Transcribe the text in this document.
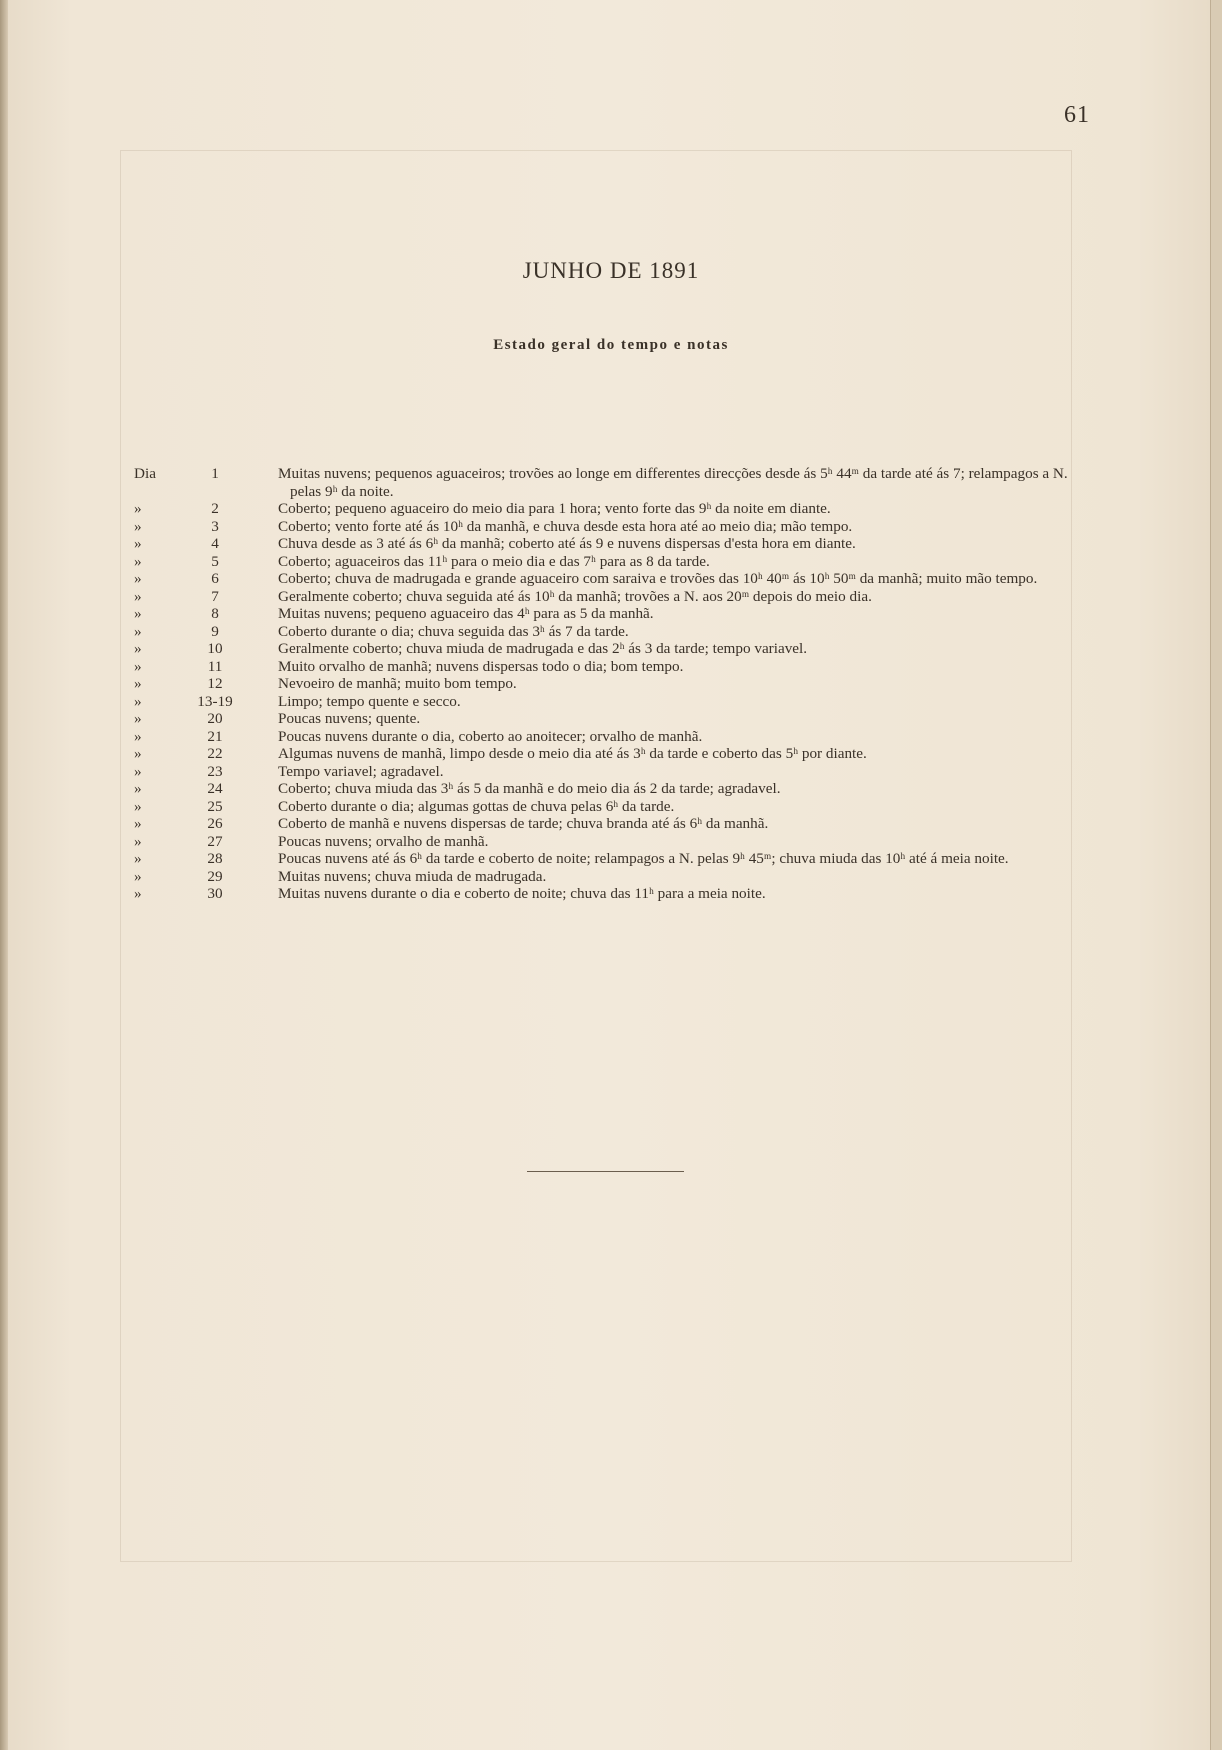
61
JUNHO DE 1891
Estado geral do tempo e notas
Dia	1	Muitas nuvens; pequenos aguaceiros; trovões ao longe em differentes direcções desde ás 5ʰ 44ᵐ da tarde até ás 7; relampagos a N. pelas 9ʰ da noite.
»	2	Coberto; pequeno aguaceiro do meio dia para 1 hora; vento forte das 9ʰ da noite em diante.
»	3	Coberto; vento forte até ás 10ʰ da manhã, e chuva desde esta hora até ao meio dia; mão tempo.
»	4	Chuva desde as 3 até ás 6ʰ da manhã; coberto até ás 9 e nuvens dispersas d'esta hora em diante.
»	5	Coberto; aguaceiros das 11ʰ para o meio dia e das 7ʰ para as 8 da tarde.
»	6	Coberto; chuva de madrugada e grande aguaceiro com saraiva e trovões das 10ʰ 40ᵐ ás 10ʰ 50ᵐ da manhã; muito mão tempo.
»	7	Geralmente coberto; chuva seguida até ás 10ʰ da manhã; trovões a N. aos 20ᵐ depois do meio dia.
»	8	Muitas nuvens; pequeno aguaceiro das 4ʰ para as 5 da manhã.
»	9	Coberto durante o dia; chuva seguida das 3ʰ ás 7 da tarde.
»	10	Geralmente coberto; chuva miuda de madrugada e das 2ʰ ás 3 da tarde; tempo variavel.
»	11	Muito orvalho de manhã; nuvens dispersas todo o dia; bom tempo.
»	12	Nevoeiro de manhã; muito bom tempo.
»	13-19	Limpo; tempo quente e secco.
»	20	Poucas nuvens; quente.
»	21	Poucas nuvens durante o dia, coberto ao anoitecer; orvalho de manhã.
»	22	Algumas nuvens de manhã, limpo desde o meio dia até ás 3ʰ da tarde e coberto das 5ʰ por diante.
»	23	Tempo variavel; agradavel.
»	24	Coberto; chuva miuda das 3ʰ ás 5 da manhã e do meio dia ás 2 da tarde; agradavel.
»	25	Coberto durante o dia; algumas gottas de chuva pelas 6ʰ da tarde.
»	26	Coberto de manhã e nuvens dispersas de tarde; chuva branda até ás 6ʰ da manhã.
»	27	Poucas nuvens; orvalho de manhã.
»	28	Poucas nuvens até ás 6ʰ da tarde e coberto de noite; relampagos a N. pelas 9ʰ 45ᵐ; chuva miuda das 10ʰ até á meia noite.
»	29	Muitas nuvens; chuva miuda de madrugada.
»	30	Muitas nuvens durante o dia e coberto de noite; chuva das 11ʰ para a meia noite.
